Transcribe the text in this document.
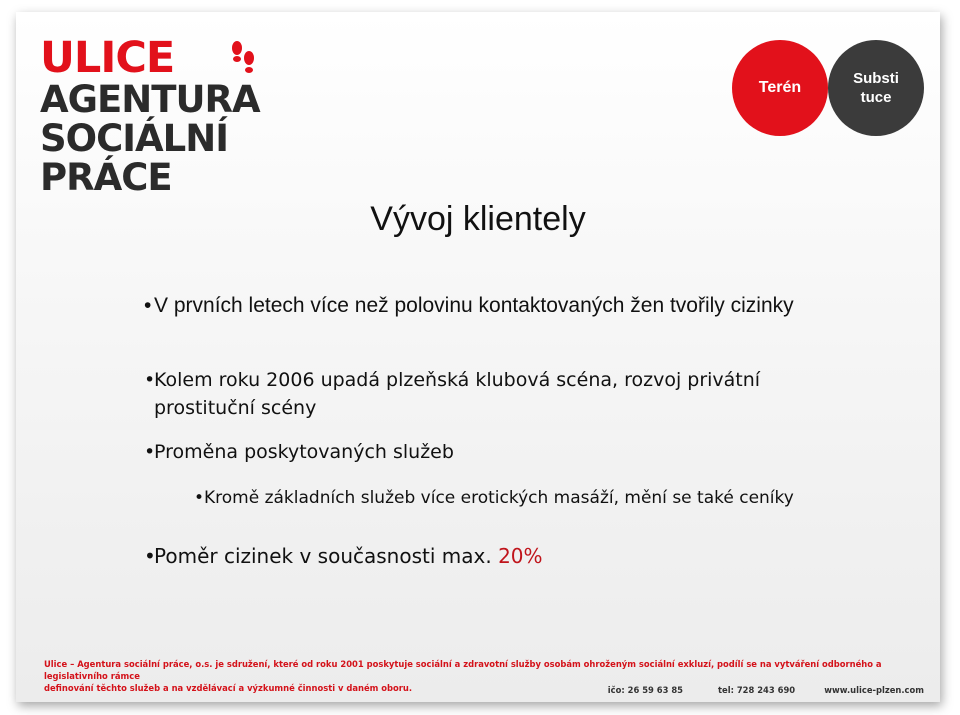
ULICE
AGENTURA
SOCIÁLNÍ
PRÁCE
Terén
Substi tuce
Vývoj klientely
• V prvních letech více než polovinu kontaktovaných žen tvořily cizinky
• Kolem roku 2006 upadá plzeňská klubová scéna, rozvoj privátní prostituční scény
• Proměna poskytovaných služeb
• Kromě základních služeb více erotických masáží, mění se také ceníky
• Poměr cizinek v současnosti max. 20%
Ulice – Agentura sociální práce, o.s. je sdružení, které od roku 2001 poskytuje sociální a zdravotní služby osobám ohroženým sociální exkluzí, podílí se na vytváření odborného a legislativního rámce
definování těchto služeb a na vzdělávací a výzkumné činnosti v daném oboru.	ičo: 26 59 63 85	tel: 728 243 690	www.ulice-plzen.com
